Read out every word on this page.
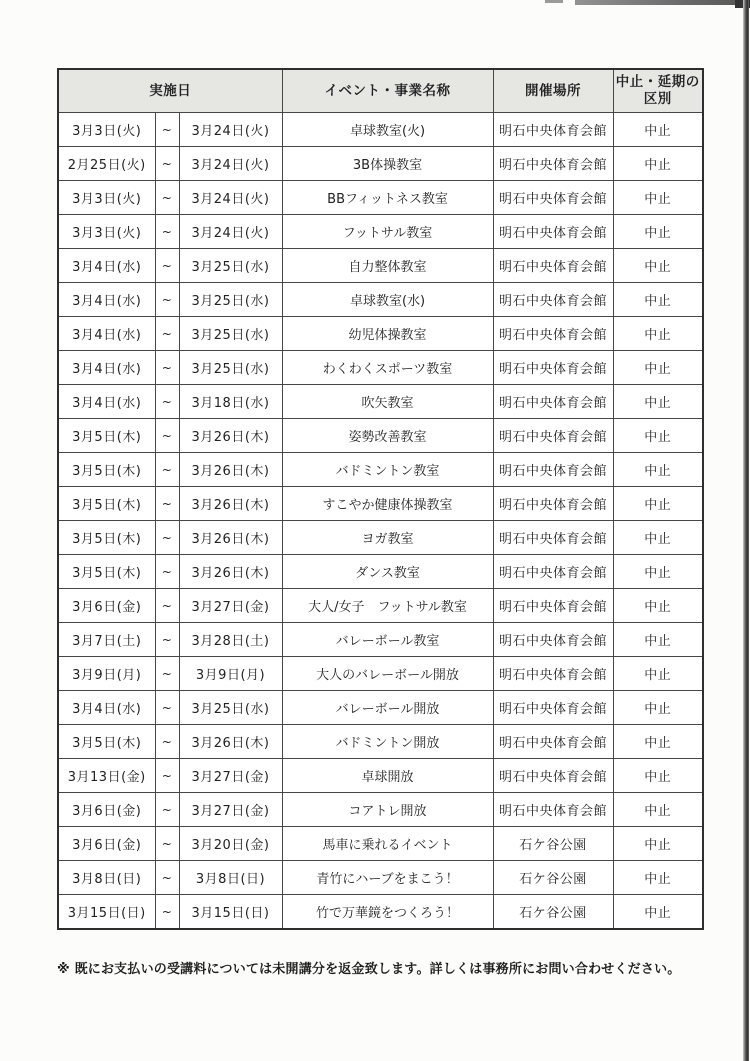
実施日			イベント・事業名称	開催場所	中止・延期の区別
3月3日(火)	~	3月24日(火)	卓球教室(火)	明石中央体育会館	中止
2月25日(火)	~	3月24日(火)	3B体操教室	明石中央体育会館	中止
3月3日(火)	~	3月24日(火)	BBフィットネス教室	明石中央体育会館	中止
3月3日(火)	~	3月24日(火)	フットサル教室	明石中央体育会館	中止
3月4日(水)	~	3月25日(水)	自力整体教室	明石中央体育会館	中止
3月4日(水)	~	3月25日(水)	卓球教室(水)	明石中央体育会館	中止
3月4日(水)	~	3月25日(水)	幼児体操教室	明石中央体育会館	中止
3月4日(水)	~	3月25日(水)	わくわくスポーツ教室	明石中央体育会館	中止
3月4日(水)	~	3月18日(水)	吹矢教室	明石中央体育会館	中止
3月5日(木)	~	3月26日(木)	姿勢改善教室	明石中央体育会館	中止
3月5日(木)	~	3月26日(木)	バドミントン教室	明石中央体育会館	中止
3月5日(木)	~	3月26日(木)	すこやか健康体操教室	明石中央体育会館	中止
3月5日(木)	~	3月26日(木)	ヨガ教室	明石中央体育会館	中止
3月5日(木)	~	3月26日(木)	ダンス教室	明石中央体育会館	中止
3月6日(金)	~	3月27日(金)	大人/女子　フットサル教室	明石中央体育会館	中止
3月7日(土)	~	3月28日(土)	バレーボール教室	明石中央体育会館	中止
3月9日(月)	~	3月9日(月)	大人のバレーボール開放	明石中央体育会館	中止
3月4日(水)	~	3月25日(水)	バレーボール開放	明石中央体育会館	中止
3月5日(木)	~	3月26日(木)	バドミントン開放	明石中央体育会館	中止
3月13日(金)	~	3月27日(金)	卓球開放	明石中央体育会館	中止
3月6日(金)	~	3月27日(金)	コアトレ開放	明石中央体育会館	中止
3月6日(金)	~	3月20日(金)	馬車に乗れるイベント	石ケ谷公園	中止
3月8日(日)	~	3月8日(日)	青竹にハーブをまこう！	石ケ谷公園	中止
3月15日(日)	~	3月15日(日)	竹で万華鏡をつくろう！	石ケ谷公園	中止
※ 既にお支払いの受講料については未開講分を返金致します。詳しくは事務所にお問い合わせください。
